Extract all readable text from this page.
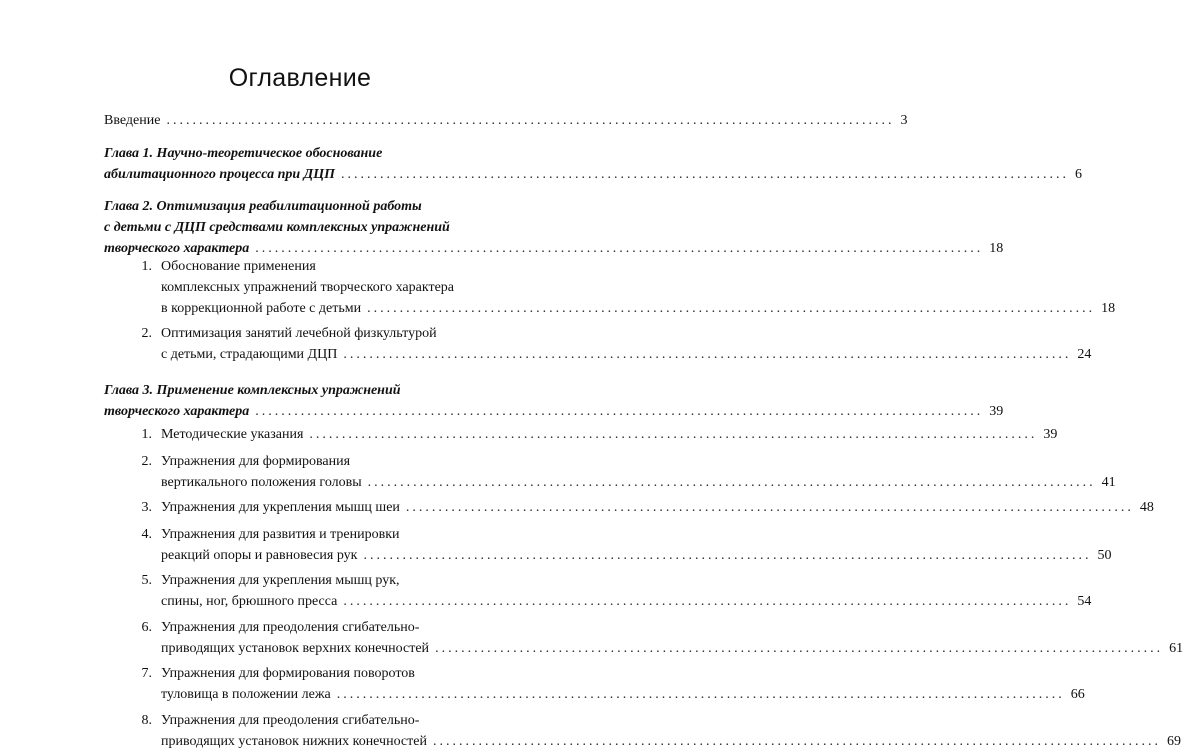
Оглавление
Введение ................................................................................................................ 3
Глава 1. Научно-теоретическое обоснование
абилитационного процесса при ДЦП ................................................................................................................ 6
Глава 2. Оптимизация реабилитационной работы
с детьми с ДЦП средствами комплексных упражнений
творческого характера ................................................................................................................ 18
1. Обоснование применения
комплексных упражнений творческого характера
в коррекционной работе с детьми ................................................................................................................ 18
2. Оптимизация занятий лечебной физкультурой
с детьми, страдающими ДЦП ................................................................................................................ 24
Глава 3. Применение комплексных упражнений
творческого характера ................................................................................................................ 39
1. Методические указания ................................................................................................................ 39
2. Упражнения для формирования
вертикального положения головы ................................................................................................................ 41
3. Упражнения для укрепления мышц шеи ................................................................................................................ 48
4. Упражнения для развития и тренировки
реакций опоры и равновесия рук ................................................................................................................ 50
5. Упражнения для укрепления мышц рук,
спины, ног, брюшного пресса ................................................................................................................ 54
6. Упражнения для преодоления сгибательно-
приводящих установок верхних конечностей ................................................................................................................ 61
7. Упражнения для формирования поворотов
туловища в положении лежа ................................................................................................................ 66
8. Упражнения для преодоления сгибательно-
приводящих установок нижних конечностей ................................................................................................................ 69
